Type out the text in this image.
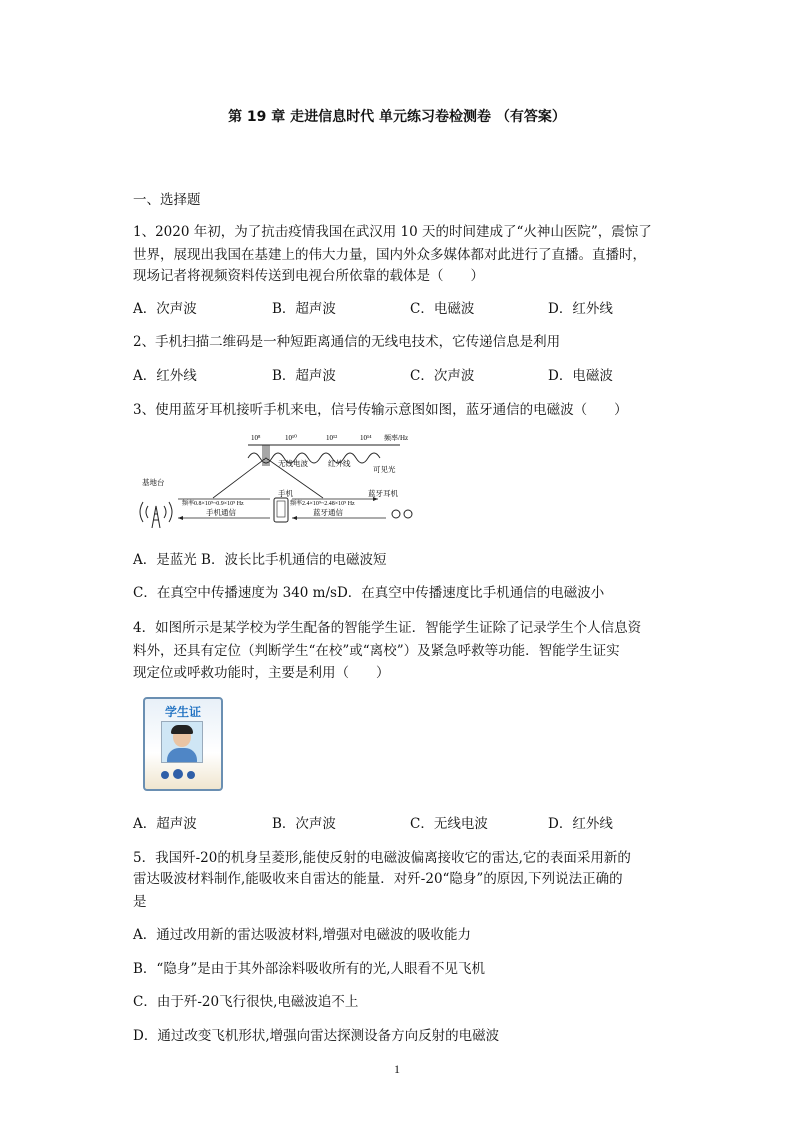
第 19 章 走进信息时代 单元练习卷检测卷 （有答案）
一、选择题
1、2020 年初，为了抗击疫情我国在武汉用 10 天的时间建成了“火神山医院”，震惊了
世界，展现出我国在基建上的伟大力量，国内外众多媒体都对此进行了直播。直播时，
现场记者将视频资料传送到电视台所依靠的载体是（　　）
A．次声波	B．超声波	C．电磁波	D．红外线
2、手机扫描二维码是一种短距离通信的无线电技术，它传递信息是利用
A．红外线	B．超声波	C．次声波	D．电磁波
3、使用蓝牙耳机接听手机来电，信号传输示意图如图，蓝牙通信的电磁波（　　）
10⁸	10¹⁰	10¹²	10¹⁴ 频率/Hz
无线电波	红外线
可见光
基地台
手机	蓝牙耳机
频率0.8×10⁹~0.9×10⁹ Hz	频率2.4×10⁹~2.48×10⁹ Hz
手机通信	蓝牙通信
A．是蓝光 B．波长比手机通信的电磁波短
C．在真空中传播速度为 340 m/sD．在真空中传播速度比手机通信的电磁波小
4．如图所示是某学校为学生配备的智能学生证．智能学生证除了记录学生个人信息资
料外，还具有定位（判断学生“在校”或“离校”）及紧急呼救等功能．智能学生证实
现定位或呼救功能时，主要是利用（　　）
学生证
A．超声波	B．次声波	C．无线电波	D．红外线
5．我国歼-20的机身呈菱形,能使反射的电磁波偏离接收它的雷达,它的表面采用新的
雷达吸波材料制作,能吸收来自雷达的能量．对歼-20“隐身”的原因,下列说法正确的
是
A．通过改用新的雷达吸波材料,增强对电磁波的吸收能力
B．“隐身”是由于其外部涂料吸收所有的光,人眼看不见飞机
C．由于歼-20飞行很快,电磁波追不上
D．通过改变飞机形状,增强向雷达探测设备方向反射的电磁波
1
